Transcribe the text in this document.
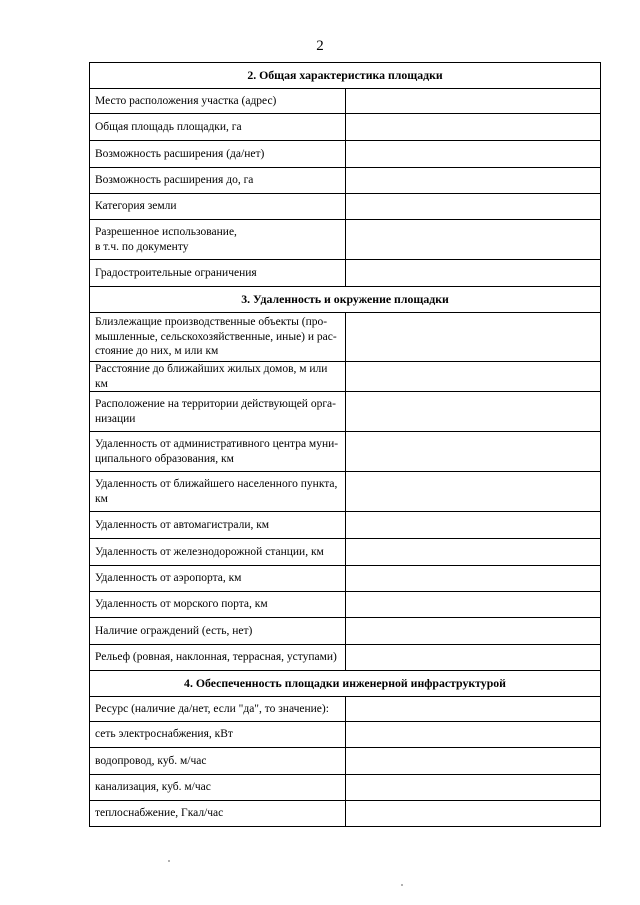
2
2. Общая характеристика площадки	
Место расположения участка (адрес)	
Общая площадь площадки, га	
Возможность расширения (да/нет)	
Возможность расширения до, га	
Категория земли	
Разрешенное использование,
в т.ч. по документу	
Градостроительные ограничения	
3. Удаленность и окружение площадки	
Близлежащие производственные объекты (про-
мышленные, сельскохозяйственные, иные) и рас-
стояние до них, м или км	
Расстояние до ближайших жилых домов, м или км	
Расположение на территории действующей орга-
низации	
Удаленность от административного центра муни-
ципального образования, км	
Удаленность от ближайшего населенного пункта,
км	
Удаленность от автомагистрали, км	
Удаленность от железнодорожной станции, км	
Удаленность от аэропорта, км	
Удаленность от морского порта, км	
Наличие ограждений (есть, нет)	
Рельеф (ровная, наклонная, террасная, уступами)	
4. Обеспеченность площадки инженерной инфраструктурой	
Ресурс (наличие да/нет, если "да", то значение):	
сеть электроснабжения, кВт	
водопровод, куб. м/час	
канализация, куб. м/час	
теплоснабжение, Гкал/час	
